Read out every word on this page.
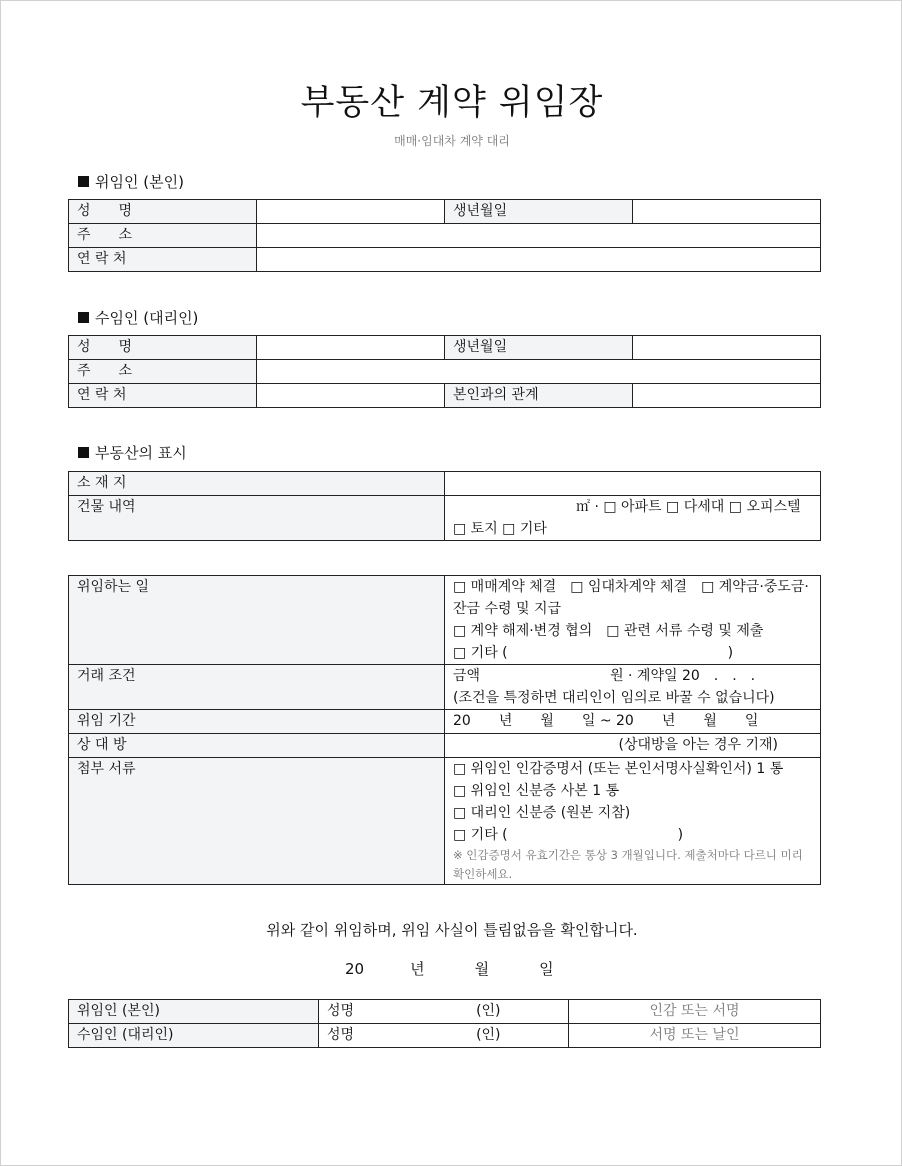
부동산 계약 위임장
매매·임대차 계약 대리
위임인 (본인)
성　　명		생년월일	
주　　소			
연 락 처			
수임인 (대리인)
성　　명		생년월일	
주　　소			
연 락 처		본인과의 관계	
부동산의 표시
소 재 지	
건물 내역	㎡ · □ 아파트 □ 다세대 □ 오피스텔 □ 토지 □ 기타
위임하는 일	□ 매매계약 체결　□ 임대차계약 체결　□ 계약금·중도금·잔금 수령 및 지급
□ 계약 해제·변경 협의　□ 관련 서류 수령 및 제출
□ 기타 ( )

거래 조건	금액 원 · 계약일 20　.　.　.
(조건을 특정하면 대리인이 임의로 바꿀 수 없습니다)

위임 기간	20　　년　　월　　일 ~ 20　　년　　월　　일
상 대 방	(상대방을 아는 경우 기재)
첨부 서류	□ 위임인 인감증명서 (또는 본인서명사실확인서) 1 통
□ 위임인 신분증 사본 1 통
□ 대리인 신분증 (원본 지참)
□ 기타 ( )
※ 인감증명서 유효기간은 통상 3 개월입니다. 제출처마다 다르니 미리 확인하세요.
위와 같이 위임하며, 위임 사실이 틀림없음을 확인합니다.
20	년	월	일
위임인 (본인)	성명 (인)	인감 또는 서명
수임인 (대리인)	성명 (인)	서명 또는 날인
